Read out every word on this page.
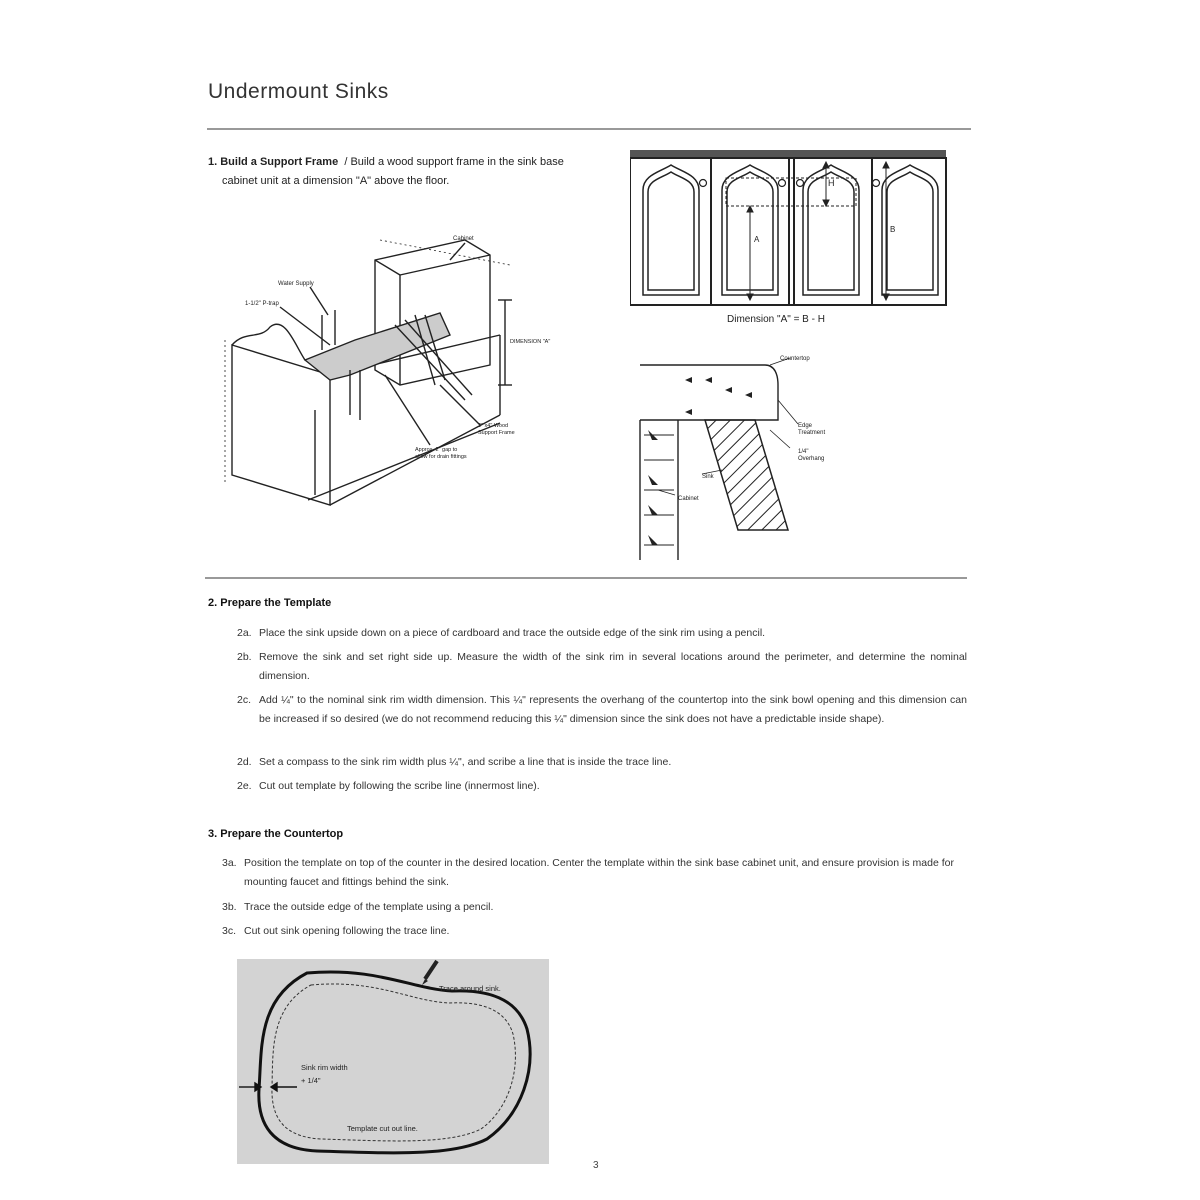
Undermount Sinks
1. Build a Support Frame / Build a wood support frame in the sink base
cabinet unit at a dimension "A" above the floor.
Cabinet
Water Supply
1-1/2" P-trap
DIMENSION "A"
2" x4" Wood
Support Frame
Approx. 2" gap to
allow for drain fittings
H
A
B
Dimension "A" = B - H
Countertop
Edge
Treatment
1/4"
Overhang
Sink
Cabinet
2. Prepare the Template
2a. Place the sink upside down on a piece of cardboard and trace the outside edge of the sink rim using a pencil.
2b. Remove the sink and set right side up. Measure the width of the sink rim in several locations around the perimeter, and determine the nominal dimension.
2c. Add ¼" to the nominal sink rim width dimension. This ¼" represents the overhang of the countertop into the sink bowl opening and this dimension can be increased if so desired (we do not recommend reducing this ¼" dimension since the sink does not have a predictable inside shape).
2d. Set a compass to the sink rim width plus ¼", and scribe a line that is inside the trace line.
2e. Cut out template by following the scribe line (innermost line).
3. Prepare the Countertop
3a. Position the template on top of the counter in the desired location. Center the template within the sink base cabinet unit, and ensure provision is made for mounting faucet and fittings behind the sink.
3b. Trace the outside edge of the template using a pencil.
3c. Cut out sink opening following the trace line.
Trace around sink.
Sink rim width
+ 1/4"
Template cut out line.
3
